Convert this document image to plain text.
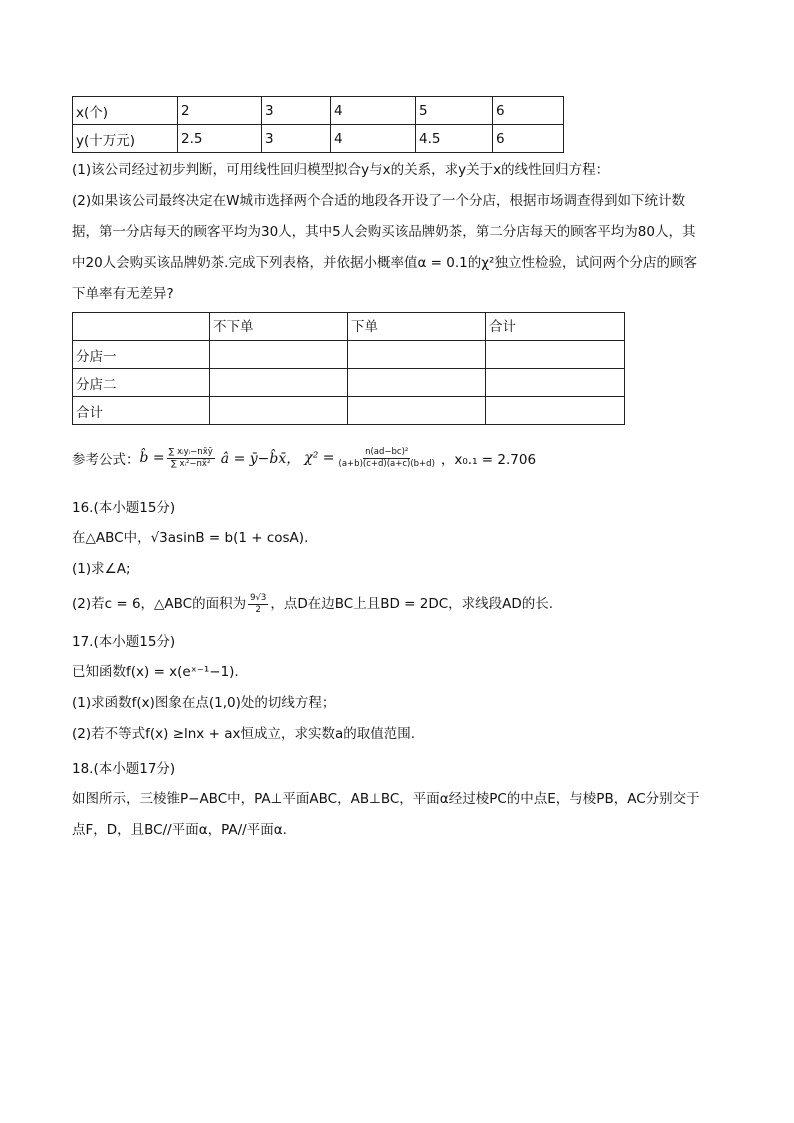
x(个)	2	3	4	5	6
y(十万元)	2.5	3	4	4.5	6

(1)该公司经过初步判断，可用线性回归模型拟合y与x的关系，求y关于x的线性回归方程：

(2)如果该公司最终决定在W城市选择两个合适的地段各开设了一个分店，根据市场调查得到如下统计数

据，第一分店每天的顾客平均为30人，其中5人会购买该品牌奶茶，第二分店每天的顾客平均为80人，其

中20人会购买该品牌奶茶.完成下列表格，并依据小概率值α = 0.1的χ²独立性检验，试问两个分店的顾客

下单率有无差异?

	不下单	下单	合计
分店一			
分店二			
合计			
参考公式： b̂ = $\frac{\text{∑ xᵢyᵢ−nx̄ȳ}}{\text{∑ xᵢ²−nx̄²}}$ â = ȳ−b̂x̄， $\chi^2 = \frac{\text{n(ad−bc)²}}{(a+b)(c+d)(a+c)(b+d)}$ ，x₀.₁ = 2.706
16.(本小题15分)

在△ABC中，√3asinB = b(1 + cosA).

(1)求∠A;

(2)若c = 6，△ABC的面积为 $\frac{9√3}{2}$ ，点D在边BC上且BD = 2DC，求线段AD的长.

17.(本小题15分)

已知函数f(x) = x(eˣ⁻¹−1).

(1)求函数f(x)图象在点(1,0)处的切线方程；

(2)若不等式f(x) ≥lnx + ax恒成立，求实数a的取值范围.

18.(本小题17分)

如图所示，三棱锥P−ABC中，PA⊥平面ABC，AB⊥BC，平面α经过棱PC的中点E，与棱PB，AC分别交于

点F，D，且BC//平面α，PA//平面α.
